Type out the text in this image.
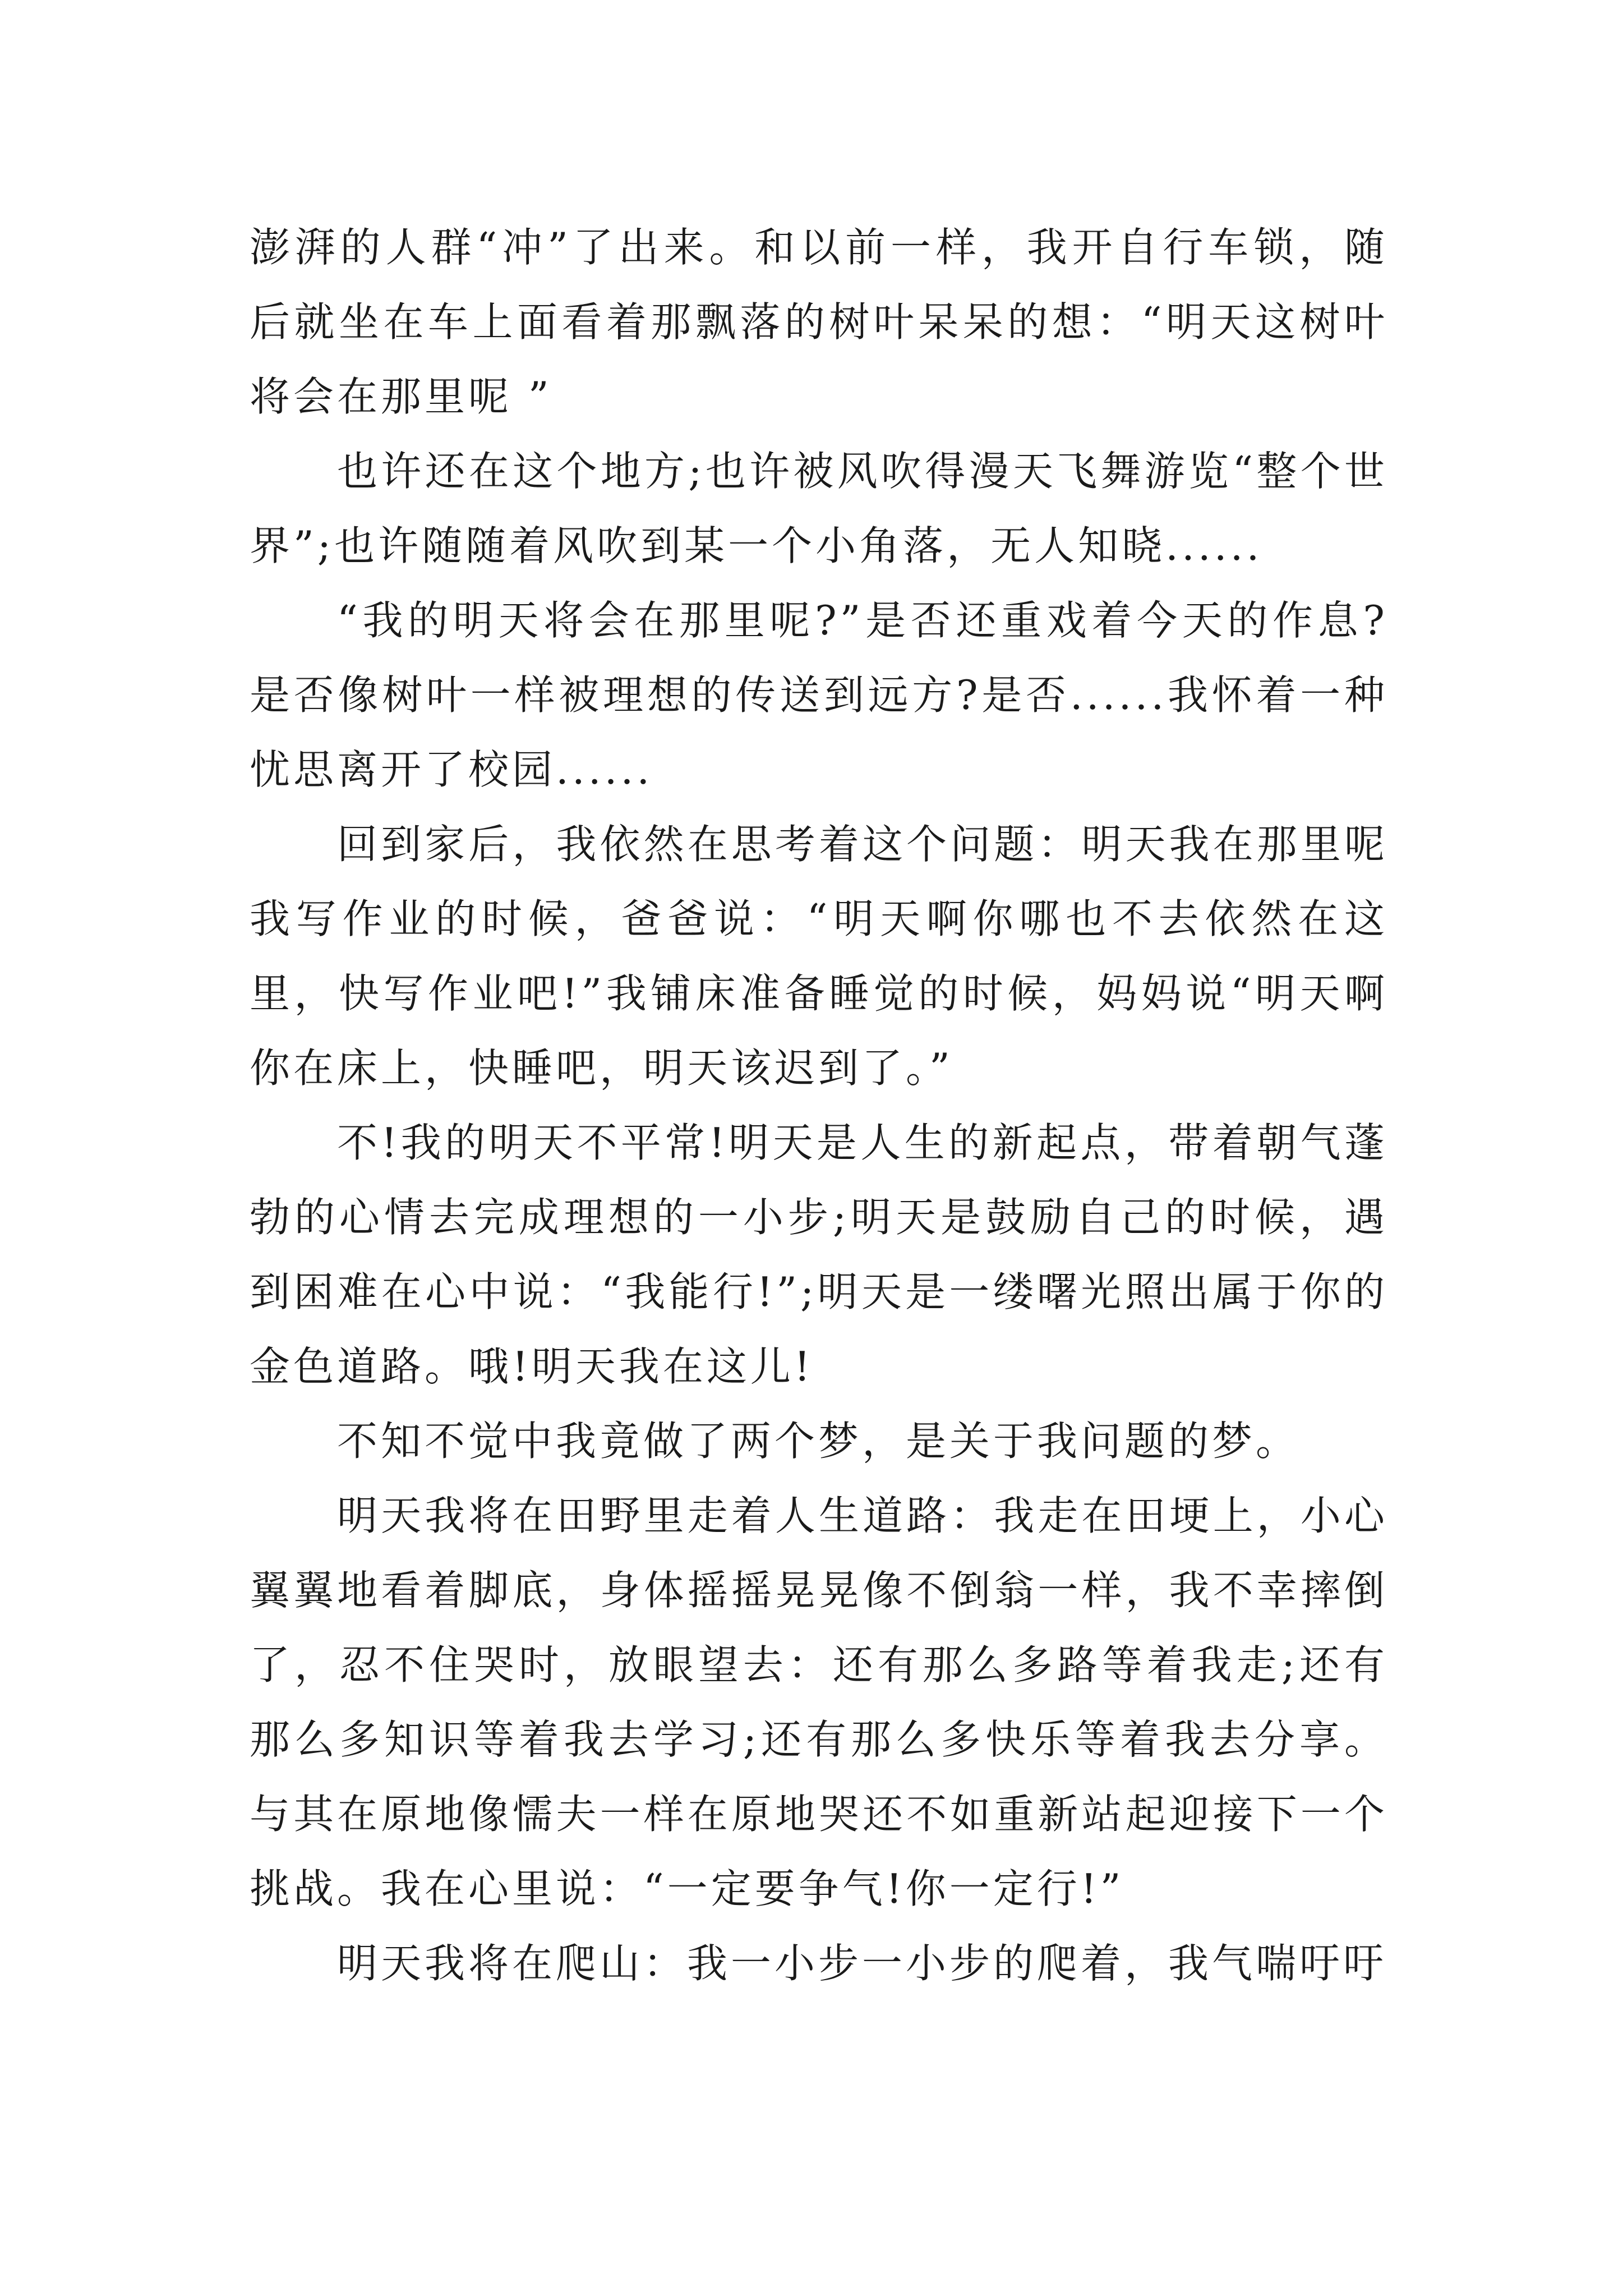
澎湃的人群“冲”了出来。和以前一样，我开自行车锁，随后就坐在车上面看着那飘落的树叶呆呆的想：“明天这树叶将会在那里呢 ”

也许还在这个地方;也许被风吹得漫天飞舞游览“整个世界”;也许随随着风吹到某一个小角落，无人知晓......

“我的明天将会在那里呢?”是否还重戏着今天的作息?是否像树叶一样被理想的传送到远方?是否......我怀着一种忧思离开了校园......

回到家后，我依然在思考着这个问题：明天我在那里呢 我写作业的时候，爸爸说：“明天啊你哪也不去依然在这里，快写作业吧!”我铺床准备睡觉的时候，妈妈说“明天啊你在床上，快睡吧，明天该迟到了。”

不!我的明天不平常!明天是人生的新起点，带着朝气蓬勃的心情去完成理想的一小步;明天是鼓励自己的时候，遇到困难在心中说：“我能行!”;明天是一缕曙光照出属于你的金色道路。哦!明天我在这儿!

不知不觉中我竟做了两个梦，是关于我问题的梦。

明天我将在田野里走着人生道路：我走在田埂上，小心翼翼地看着脚底，身体摇摇晃晃像不倒翁一样，我不幸摔倒了，忍不住哭时，放眼望去：还有那么多路等着我走;还有那么多知识等着我去学习;还有那么多快乐等着我去分享。与其在原地像懦夫一样在原地哭还不如重新站起迎接下一个挑战。我在心里说：“一定要争气!你一定行!”

明天我将在爬山：我一小步一小步的爬着，我气喘吁吁
